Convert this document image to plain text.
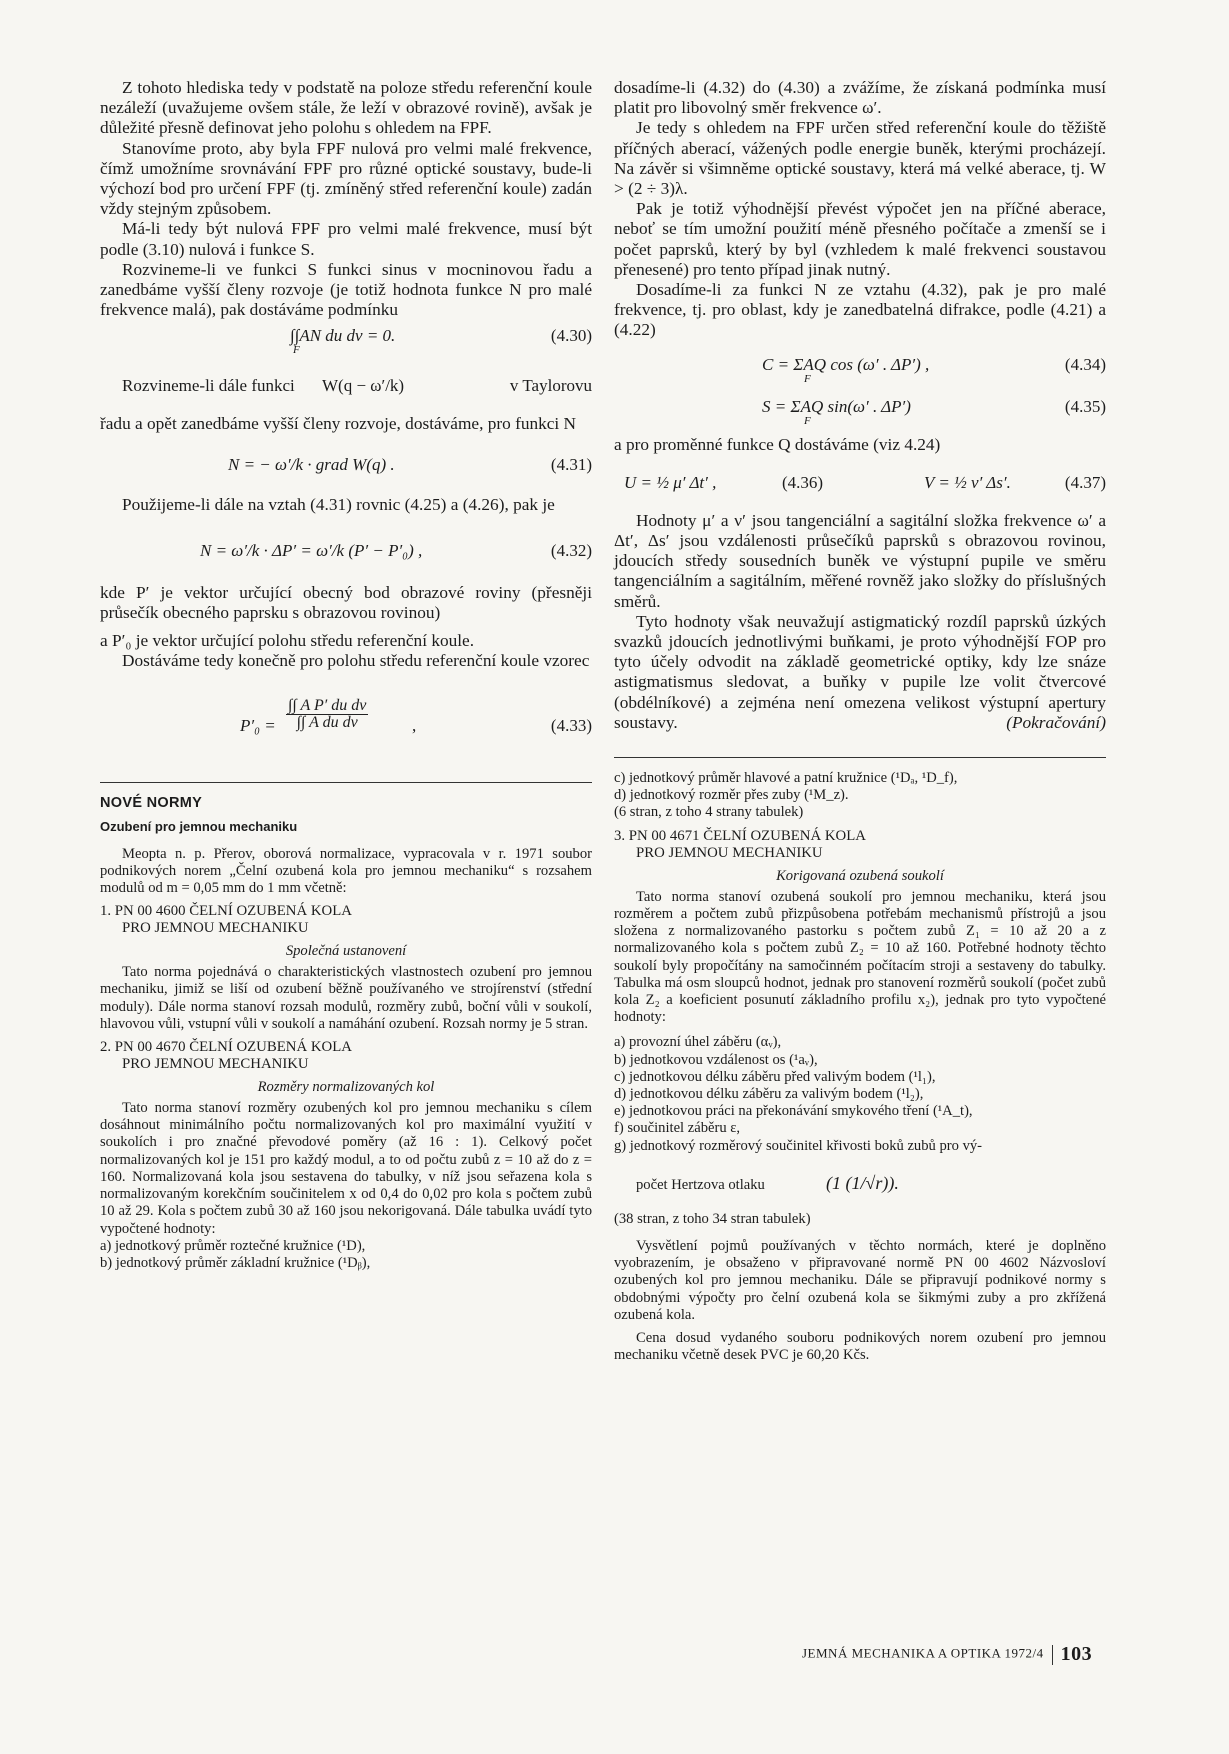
Z tohoto hlediska tedy v podstatě na poloze středu referenční koule nezáleží (uvažujeme ovšem stále, že leží v obrazové rovině), avšak je důležité přesně definovat jeho polohu s ohledem na FPF.

Stanovíme proto, aby byla FPF nulová pro velmi malé frekvence, čímž umožníme srovnávání FPF pro různé optické soustavy, bude-li výchozí bod pro určení FPF (tj. zmíněný střed referenční koule) zadán vždy stejným způsobem.

Má-li tedy být nulová FPF pro velmi malé frekvence, musí být podle (3.10) nulová i funkce S.

Rozvineme-li ve funkci S funkci sinus v mocninovou řadu a zanedbáme vyšší členy rozvoje (je totiž hodnota funkce N pro malé frekvence malá), pak dostáváme podmínku

∫∫AN du dv = 0.
F
(4.30)
Rozvineme-li dále funkci W(q − ω′/k)	v Taylorovu

řadu a opět zanedbáme vyšší členy rozvoje, dostáváme, pro funkci N

N = − ω′/k · grad W(q) .	(4.31)

Použijeme-li dále na vztah (4.31) rovnic (4.25) a (4.26), pak je

N = ω′/k · ΔP′ = ω′/k (P′ − P′₀) ,	(4.32)

kde P′ je vektor určující obecný bod obrazové roviny (přesněji průsečík obecného paprsku s obrazovou rovinou)

a P′₀ je vektor určující polohu středu referenční koule.

Dostáváme tedy konečně pro polohu středu referenční koule vzorec

$P'_0 = \frac{\text{∫∫ A P′ du dv}}{\text{∫∫ A du dv}}$	,	(4.33)

NOVÉ NORMY

Ozubení pro jemnou mechaniku

Meopta n. p. Přerov, oborová normalizace, vypracovala v r. 1971 soubor podnikových norem „Čelní ozubená kola pro jemnou mechaniku“ s rozsahem modulů od m = 0,05 mm do 1 mm včetně:

1. PN 00 4600 ČELNÍ OZUBENÁ KOLA
PRO JEMNOU MECHANIKU

Společná ustanovení

Tato norma pojednává o charakteristických vlastnostech ozubení pro jemnou mechaniku, jimiž se liší od ozubení běžně používaného ve strojírenství (střední moduly). Dále norma stanoví rozsah modulů, rozměry zubů, boční vůli v soukolí, hlavovou vůli, vstupní vůli v soukolí a namáhání ozubení. Rozsah normy je 5 stran.

2. PN 00 4670 ČELNÍ OZUBENÁ KOLA
PRO JEMNOU MECHANIKU

Rozměry normalizovaných kol

Tato norma stanoví rozměry ozubených kol pro jemnou mechaniku s cílem dosáhnout minimálního počtu normalizovaných kol pro maximální využití v soukolích i pro značné převodové poměry (až 16 : 1). Celkový počet normalizovaných kol je 151 pro každý modul, a to od počtu zubů z = 10 až do z = 160. Normalizovaná kola jsou sestavena do tabulky, v níž jsou seřazena kola s normalizovaným korekčním součinitelem x od 0,4 do 0,02 pro kola s počtem zubů 10 až 29. Kola s počtem zubů 30 až 160 jsou nekorigovaná. Dále tabulka uvádí tyto vypočtené hodnoty:

a) jednotkový průměr roztečné kružnice (¹D),

b) jednotkový průměr základní kružnice (¹Dᵦ),

dosadíme-li (4.32) do (4.30) a zvážíme, že získaná podmínka musí platit pro libovolný směr frekvence ω′.

Je tedy s ohledem na FPF určen střed referenční koule do těžiště příčných aberací, vážených podle energie buněk, kterými procházejí. Na závěr si všimněme optické soustavy, která má velké aberace, tj. W > (2 ÷ 3)λ.

Pak je totiž výhodnější převést výpočet jen na příčné aberace, neboť se tím umožní použití méně přesného počítače a zmenší se i počet paprsků, který by byl (vzhledem k malé frekvenci soustavou přenesené) pro tento případ jinak nutný.

Dosadíme-li za funkci N ze vztahu (4.32), pak je pro malé frekvence, tj. pro oblast, kdy je zanedbatelná difrakce, podle (4.21) a (4.22)

C = ΣAQ cos (ω′ . ΔP′) ,
F
(4.34)
S = ΣAQ sin(ω′ . ΔP′)
F
(4.35)

a pro proměnné funkce Q dostáváme (viz 4.24)

U = ½ μ′ Δt′ ,	(4.36)	V = ½ ν′ Δs′.	(4.37)

Hodnoty μ′ a ν′ jsou tangenciální a sagitální složka frekvence ω′ a Δt′, Δs′ jsou vzdálenosti průsečíků paprsků s obrazovou rovinou, jdoucích středy sousedních buněk ve výstupní pupile ve směru tangenciálním a sagitálním, měřené rovněž jako složky do příslušných směrů.

Tyto hodnoty však neuvažují astigmatický rozdíl paprsků úzkých svazků jdoucích jednotlivými buňkami, je proto výhodnější FOP pro tyto účely odvodit na základě geometrické optiky, kdy lze snáze astigmatismus sledovat, a buňky v pupile lze volit čtvercové (obdélníkové) a zejména není omezena velikost výstupní apertury soustavy.	(Pokračování)

c) jednotkový průměr hlavové a patní kružnice (¹Dₐ, ¹D_f),

d) jednotkový rozměr přes zuby (¹M_z).

(6 stran, z toho 4 strany tabulek)

3. PN 00 4671 ČELNÍ OZUBENÁ KOLA
PRO JEMNOU MECHANIKU

Korigovaná ozubená soukolí

Tato norma stanoví ozubená soukolí pro jemnou mechaniku, která jsou rozměrem a počtem zubů přizpůsobena potřebám mechanismů přístrojů a jsou složena z normalizovaného pastorku s počtem zubů Z₁ = 10 až 20 a z normalizovaného kola s počtem zubů Z₂ = 10 až 160. Potřebné hodnoty těchto soukolí byly propočítány na samočinném počítacím stroji a sestaveny do tabulky. Tabulka má osm sloupců hodnot, jednak pro stanovení rozměrů soukolí (počet zubů kola Z₂ a koeficient posunutí základního profilu x₂), jednak pro tyto vypočtené hodnoty:

a) provozní úhel záběru (αᵥ),

b) jednotkovou vzdálenost os (¹aᵥ),

c) jednotkovou délku záběru před valivým bodem (¹l₁),

d) jednotkovou délku záběru za valivým bodem (¹l₂),

e) jednotkovou práci na překonávání smykového tření (¹A_t),

f) součinitel záběru ε,

g) jednotkový rozměrový součinitel křivosti boků zubů pro vý-

počet Hertzova otlaku	(1 (1/√r)).

(38 stran, z toho 34 stran tabulek)

Vysvětlení pojmů používaných v těchto normách, které je doplněno vyobrazením, je obsaženo v připravované normě PN 00 4602 Názvosloví ozubených kol pro jemnou mechaniku. Dále se připravují podnikové normy s obdobnými výpočty pro čelní ozubená kola se šikmými zuby a pro zkřížená ozubená kola.

Cena dosud vydaného souboru podnikových norem ozubení pro jemnou mechaniku včetně desek PVC je 60,20 Kčs.

JEMNÁ MECHANIKA A OPTIKA 1972/4 103
